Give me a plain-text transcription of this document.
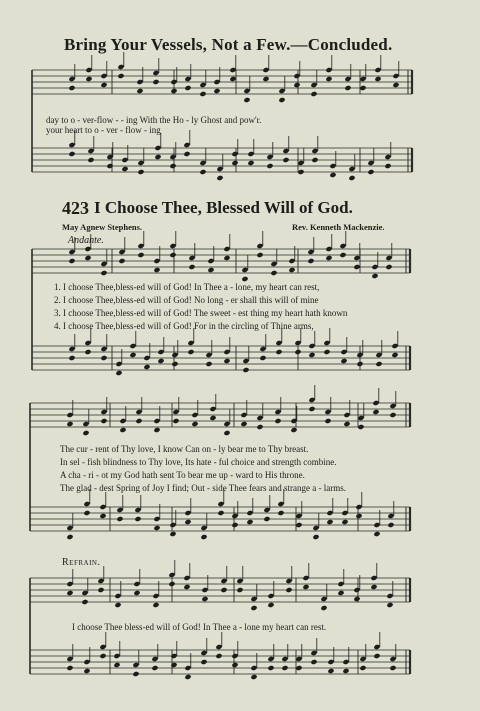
Bring Your Vessels, Not a Few.—Concluded.
day to o - ver-flow - - ing With the Ho - ly Ghost and pow'r.
your heart to o - ver - flow - ing
423 I Choose Thee, Blessed Will of God.
May Agnew Stephens.	Rev. Kenneth Mackenzie.
Andante.
1. I choose Thee,bless-ed will of God! In Thee a - lone, my heart can rest,
2. I choose Thee,bless-ed will of God! No long - er shall this will of mine
3. I choose Thee,bless-ed will of God! The sweet - est thing my heart hath known
4. I choose Thee,bless-ed will of God! For in the circling of Thine arms,
The cur - rent of Thy love, I know Can on - ly bear me to Thy breast.
In sel - fish blindness to Thy love, Its hate - ful choice and strength combine.
A cha - ri - ot my God hath sent To bear me up - ward to His throne.
The glad - dest Spring of Joy I find; Out - side Thee fears and strange a - larms.
Refrain.
I choose Thee bless-ed will of God! In Thee a - lone my heart can rest.
